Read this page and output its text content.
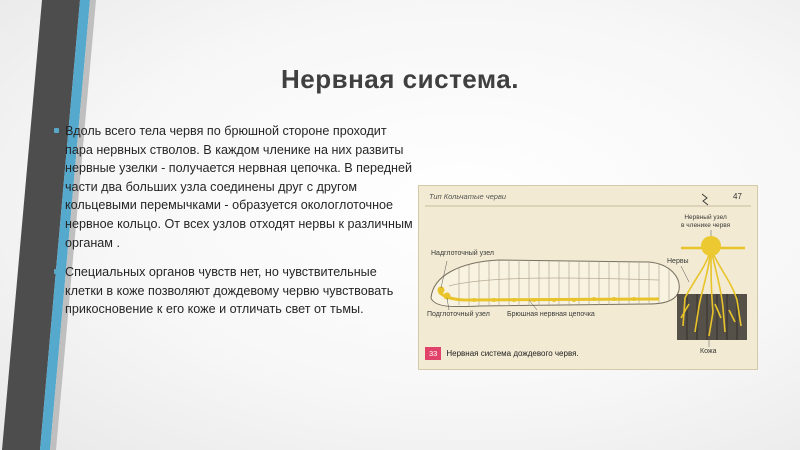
Нервная система.

Вдоль всего тела червя по брюшной стороне проходит пара нервных стволов. В каждом членике на них развиты нервные узелки - получается нервная цепочка. В передней части два больших узла соединены друг с другом кольцевыми перемычками - образуется окологлоточное нервное кольцо. От всех узлов отходят нервы к различным органам .

Специальных органов чувств нет, но чувствительные клетки в коже позволяют дождевому червю чувствовать прикосновение к его коже и отличать свет от тьмы.

Тип Кольчатые черви	47
Надглоточный узел
Подглоточный узел Брюшная нервная цепочка
Нервный узел
в членике червя
Нервы
Кожа
33	Нервная система дождевого червя.
